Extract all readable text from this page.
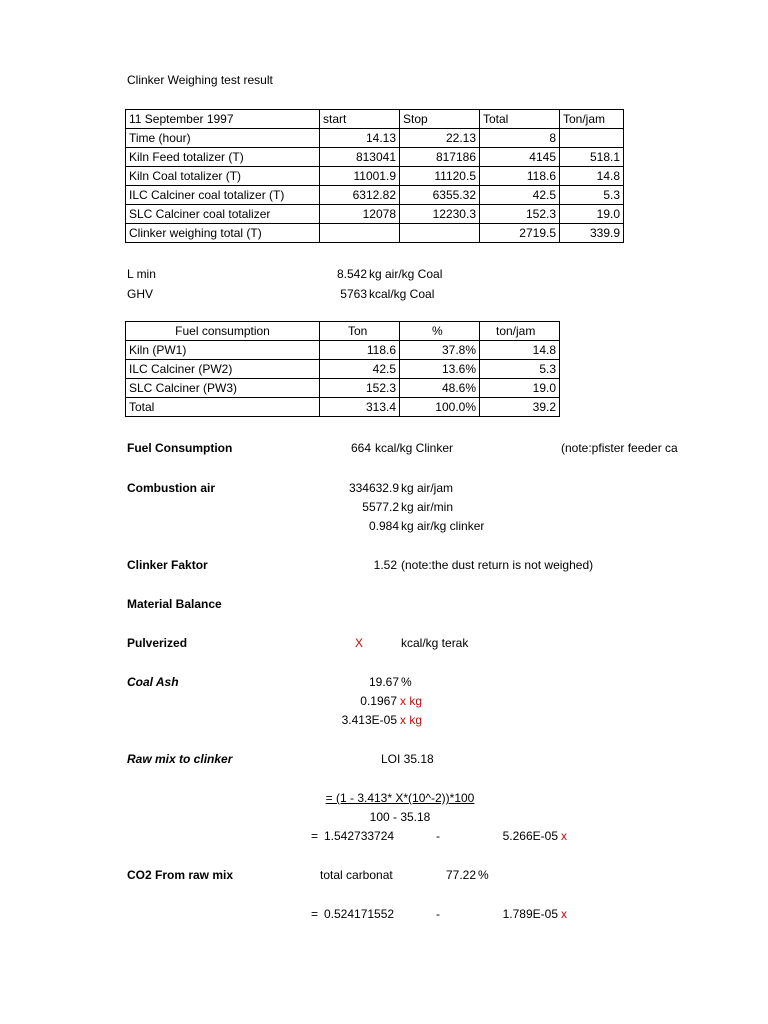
Clinker Weighing test result
11 September 1997	start	Stop	Total	Ton/jam
Time (hour)	14.13	22.13	8	
Kiln Feed totalizer (T)	813041	817186	4145	518.1
Kiln Coal totalizer (T)	11001.9	11120.5	118.6	14.8
ILC Calciner coal totalizer (T)	6312.82	6355.32	42.5	5.3
SLC Calciner coal totalizer	12078	12230.3	152.3	19.0
Clinker weighing total (T)			2719.5	339.9
L min	8.542 kg air/kg Coal
GHV	5763 kcal/kg Coal
Fuel consumption	Ton	%	ton/jam
Kiln (PW1)	118.6	37.8%	14.8
ILC Calciner (PW2)	42.5	13.6%	5.3
SLC Calciner (PW3)	152.3	48.6%	19.0
Total	313.4	100.0%	39.2
Fuel Consumption	664 kcal/kg Clinker	(note:pfister feeder ca
Combustion air	334632.9 kg air/jam
5577.2 kg air/min
0.984 kg air/kg clinker
Clinker Faktor	1.52 (note:the dust return is not weighed)
Material Balance
Pulverized	X	kcal/kg terak
Coal Ash	19.67 %
0.1967 x kg
3.413E-05 x kg
Raw mix to clinker	LOI 35.18
= (1 - 3.413* X*(10^-2))*100
100 - 35.18
= 1.542733724	-	5.266E-05 x
CO2 From raw mix	total carbonat	77.22 %
= 0.524171552	-	1.789E-05 x
